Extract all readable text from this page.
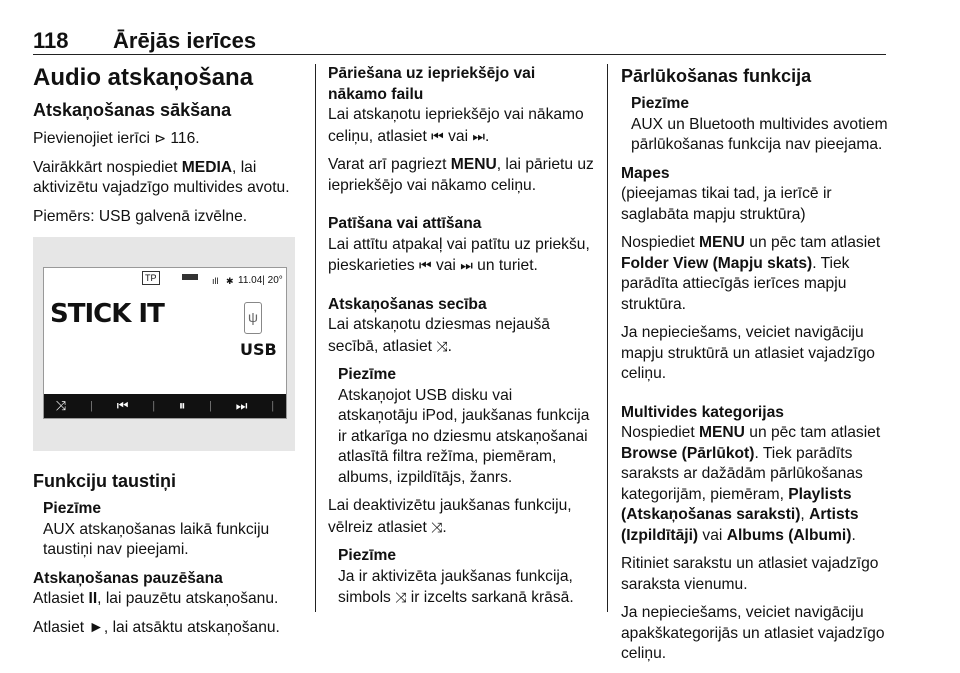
118 Ārējās ierīces
Audio atskaņošana
Atskaņošanas sākšana

Pievienojiet ierīci ⊳ 116.

Vairākkārt nospiediet MEDIA, lai aktivizētu vajadzīgo multivides avotu.

Piemērs: USB galvenā izvēlne.

TP	ıll ✱ 11.04| 20°
STICK IT	ψ
USB
⤨ | ⏮ | ⏸ | ⏭ |
Funkciju taustiņi
Piezīme
AUX atskaņošanas laikā funkciju taustiņi nav pieejami.
Atskaņošanas pauzēšana

Atlasiet II, lai pauzētu atskaņošanu.

Atlasiet ►, lai atsāktu atskaņošanu.

Pāriešana uz iepriekšējo vai nākamo failu

Lai atskaņotu iepriekšējo vai nākamo celiņu, atlasiet ⏮ vai ⏭.

Varat arī pagriezt MENU, lai pārietu uz iepriekšējo vai nākamo celiņu.

Patīšana vai attīšana

Lai attītu atpakaļ vai patītu uz priekšu, pieskarieties ⏮ vai ⏭ un turiet.

Atskaņošanas secība

Lai atskaņotu dziesmas nejaušā secībā, atlasiet ⤨.

Piezīme
Atskaņojot USB disku vai atskaņotāju iPod, jaukšanas funkcija ir atkarīga no dziesmu atskaņošanai atlasītā filtra režīma, piemēram, albums, izpildītājs, žanrs.

Lai deaktivizētu jaukšanas funkciju, vēlreiz atlasiet ⤨.

Piezīme
Ja ir aktivizēta jaukšanas funkcija, simbols ⤨ ir izcelts sarkanā krāsā.
Pārlūkošanas funkcija
Piezīme
AUX un Bluetooth multivides avotiem pārlūkošanas funkcija nav pieejama.
Mapes

(pieejamas tikai tad, ja ierīcē ir saglabāta mapju struktūra)

Nospiediet MENU un pēc tam atlasiet Folder View (Mapju skats). Tiek parādīta attiecīgās ierīces mapju struktūra.

Ja nepieciešams, veiciet navigāciju mapju struktūrā un atlasiet vajadzīgo celiņu.

Multivides kategorijas

Nospiediet MENU un pēc tam atlasiet Browse (Pārlūkot). Tiek parādīts saraksts ar dažādām pārlūkošanas kategorijām, piemēram, Playlists (Atskaņošanas saraksti), Artists (Izpildītāji) vai Albums (Albumi).

Ritiniet sarakstu un atlasiet vajadzīgo saraksta vienumu.

Ja nepieciešams, veiciet navigāciju apakškategorijās un atlasiet vajadzīgo celiņu.
